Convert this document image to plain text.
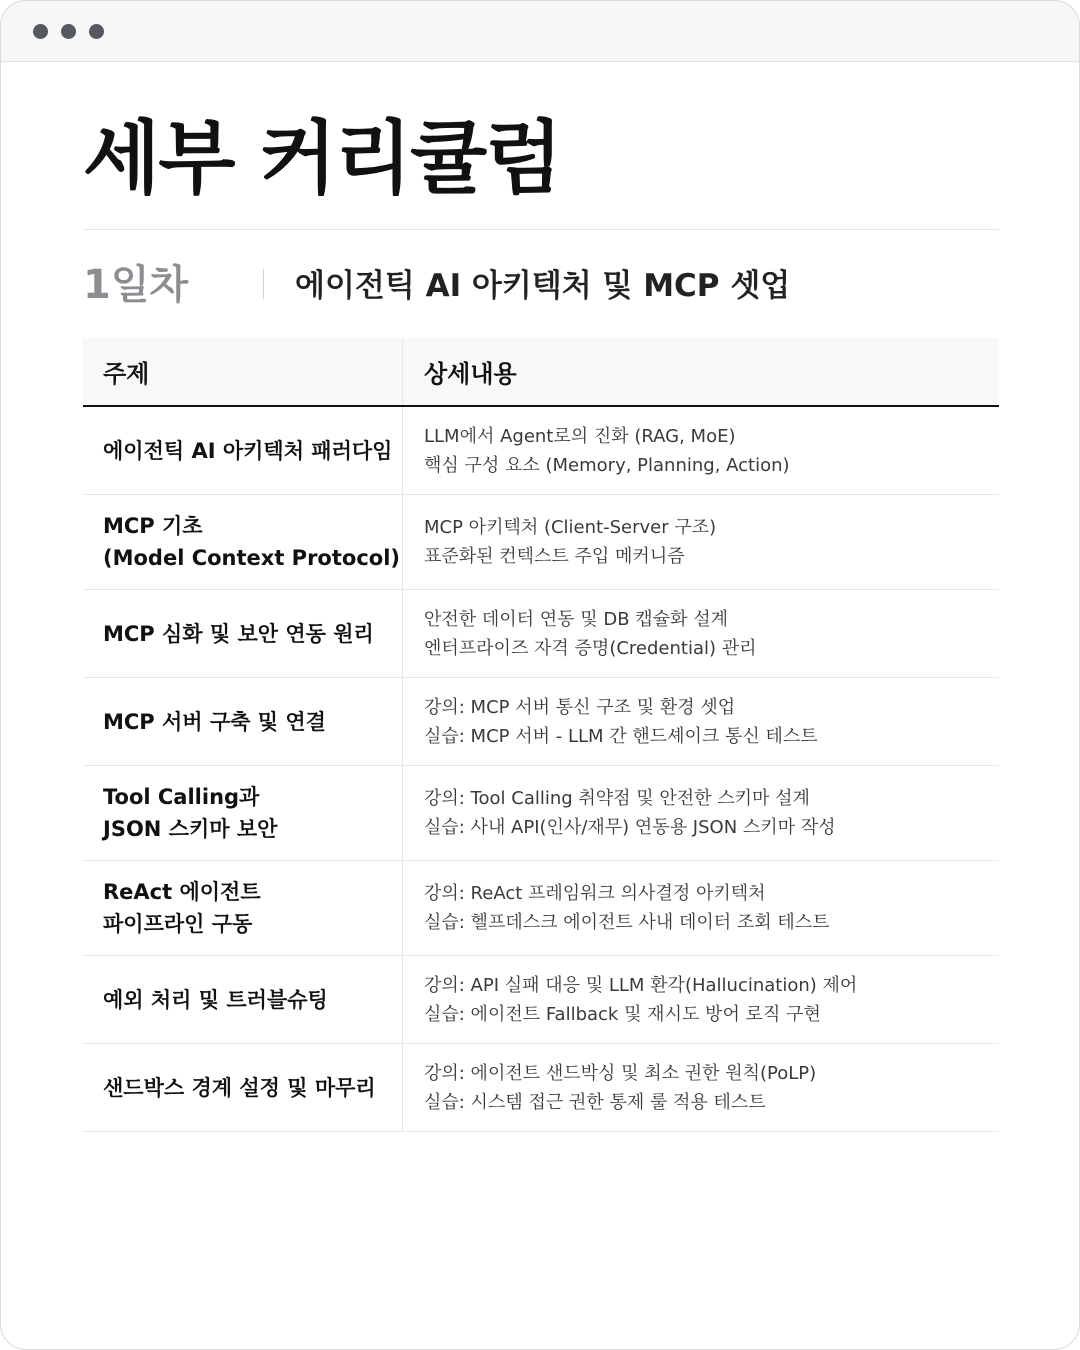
세부 커리큘럼
1일차	에이전틱 AI 아키텍처 및 MCP 셋업
주제	상세내용
에이전틱 AI 아키텍처 패러다임
LLM에서 Agent로의 진화 (RAG, MoE)
핵심 구성 요소 (Memory, Planning, Action)
MCP 기초
(Model Context Protocol)
MCP 아키텍처 (Client-Server 구조)
표준화된 컨텍스트 주입 메커니즘
MCP 심화 및 보안 연동 원리
안전한 데이터 연동 및 DB 캡슐화 설계
엔터프라이즈 자격 증명(Credential) 관리
MCP 서버 구축 및 연결
강의: MCP 서버 통신 구조 및 환경 셋업
실습: MCP 서버 - LLM 간 핸드셰이크 통신 테스트
Tool Calling과
JSON 스키마 보안
강의: Tool Calling 취약점 및 안전한 스키마 설계
실습: 사내 API(인사/재무) 연동용 JSON 스키마 작성
ReAct 에이전트
파이프라인 구동
강의: ReAct 프레임워크 의사결정 아키텍처
실습: 헬프데스크 에이전트 사내 데이터 조회 테스트
예외 처리 및 트러블슈팅
강의: API 실패 대응 및 LLM 환각(Hallucination) 제어
실습: 에이전트 Fallback 및 재시도 방어 로직 구현
샌드박스 경계 설정 및 마무리
강의: 에이전트 샌드박싱 및 최소 권한 원칙(PoLP)
실습: 시스템 접근 권한 통제 룰 적용 테스트
